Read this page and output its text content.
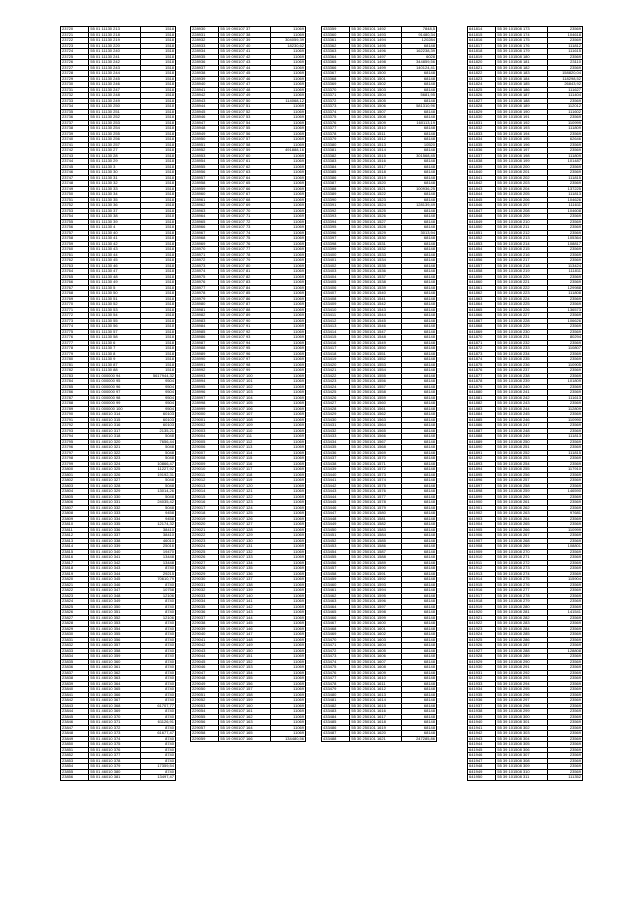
23720	55 01 11130 213	1518
23721	55 01 11130 218	1518
23722	55 01 11130 219	1518
23723	55 01 11130 220	1518
23724	55 01 11130 240	1518
23725	55 01 11130 241	1518
23726	55 01 11130 242	1518
23727	55 01 11130 243	1518
23728	55 01 11130 244	1518
23729	55 01 11130 245	1518
23730	55 01 11130 246	1518
23731	55 01 11130 247	1518
23732	55 01 11130 248	1518
23733	55 01 11130 249	1518
23734	55 01 11130 250	1518
23735	55 01 11130 251	1518
23736	55 01 11130 252	1518
23737	55 01 11130 253	1518
23738	55 01 11130 254	1518
23739	55 01 11130 255	1518
23740	55 01 11130 256	1518
23741	55 01 11130 257	1518
23742	55 01 11130 27	1518
23743	55 01 11130 28	1518
23744	55 01 11130 29	1518
23745	55 01 11130 3	1518
23746	55 01 11130 30	1518
23747	55 01 11130 31	1518
23748	55 01 11130 32	1518
23749	55 01 11130 33	1518
23750	55 01 11130 34	1518
23751	55 01 11130 35	1518
23752	55 01 11130 36	1518
23753	55 01 11130 37	1518
23754	55 01 11130 38	1518
23755	55 01 11130 39	1518
23756	55 01 11130 4	1518
23757	55 01 11130 40	1518
23758	55 01 11130 41	1518
23759	55 01 11130 42	1518
23760	55 01 11130 43	1518
23761	55 01 11130 44	1518
23762	55 01 11130 45	1518
23763	55 01 11130 46	1518
23764	55 01 11130 47	1518
23765	55 01 11130 48	1518
23766	55 01 11130 49	1518
23767	55 01 11130 5	1518
23768	55 01 11130 50	1518
23769	55 01 11130 51	1518
23770	55 01 11130 52	1518
23771	55 01 11130 53	1518
23772	55 01 11130 54	1518
23773	55 01 11130 55	1518
23774	55 01 11130 56	1518
23775	55 01 11130 57	1518
23776	55 01 11130 58	1518
23777	55 01 11130 6	1518
23778	55 01 11130 7	1518
23779	55 01 11130 8	1518
23780	55 01 11130 9	1518
23781	55 01 11130 87	1518
23782	55 01 11130 88	1518
23783	55 01 000000 94	5617944,32
23784	55 01 000000 95	9504
23785	55 01 000000 96	9504
23786	55 01 000000 97	9504
23787	55 01 000000 98	9504
23788	55 01 000000 99	9504
23789	55 01 000000 100	9504
23790	55 01 46010 314	60103
23791	55 01 46010 315	60103
23792	55 01 46010 316	60103
23793	55 01 46010 317	2135,21
23794	55 01 46010 318	5048
23795	55 01 46010 320	7656,44
23796	55 01 46010 321	5048
23797	55 01 46010 322	5048
23798	55 01 46010 323	5048
23799	55 01 46010 324	10866,47
23800	55 01 46010 325	11227,92
23801	55 01 46010 326	19192,31
23802	55 01 46010 327	5048
23803	55 01 46010 328	5048
23804	55 01 46010 329	13014,26
23805	55 01 46010 330	5048
23806	55 01 46010 331	24035,42
23807	55 01 46010 332	5048
23808	55 01 46010 333	9458
23809	55 01 46010 334	9458
23810	55 01 46010 335	12174,32
23811	55 01 46010 336	38410
23812	55 01 46010 337	38410
23813	55 01 46010 338	46010
23814	55 01 46010 339	25016
23815	55 01 46010 340	19470
23816	55 01 46010 341	13448
23817	55 01 46010 342	13448
23818	55 01 46010 343	8740
23819	55 01 46010 344	29215
23820	55 01 46010 345	70610,79
23821	55 01 46010 346	8740
23822	55 01 46010 347	10758
23823	55 01 46010 348	12106
23824	55 01 46010 349	8740
23825	55 01 46010 350	8740
23826	55 01 46010 351	8740
23827	55 01 46010 352	12106
23828	55 01 46010 353	8740
23829	55 01 46010 354	8740
23830	55 01 46010 355	8740
23831	55 01 46010 356	8740
23832	55 01 46010 357	8740
23833	55 01 46010 358	8740
23834	55 01 46010 359	8740
23835	55 01 46010 360	8740
23836	55 01 46010 361	8740
23837	55 01 46010 362	8740
23838	55 01 46010 363	8740
23839	55 01 46010 364	8740
23840	55 01 46010 365	8740
23841	55 01 46010 366	8740
23842	55 01 46010 367	8740
23843	55 01 46010 368	61707,77
23844	55 01 46010 369	8740
23845	55 01 46010 370	8740
23846	55 01 46010 371	61126,91
23847	55 01 46010 372	8740
23848	55 01 46010 373	61677,47
23849	55 01 46010 374	8740
23850	55 01 46010 375	8740
23851	55 01 46010 376	8740
23852	55 01 46010 377	8740
23853	55 01 46010 378	8740
23854	55 01 46010 379	17359,54
23855	55 01 46010 380	8740
23856	55 01 46010 381	13497,47
228930	55 19 090107 37	11069
228931	55 19 090107 38	11069
228932	55 19 090107 39	304059,39
228933	55 19 090107 40	18230,62
228934	55 19 090107 41	11069
228935	55 19 090107 42	11069
228936	55 19 090107 43	11069
228937	55 19 090107 44	11069
228938	55 19 090107 45	11069
228939	55 19 090107 46	11069
228940	55 19 090107 47	11069
228941	55 19 090107 48	11069
228942	55 19 090107 49	11069
228943	55 19 090107 50	114068,12
228944	55 19 090107 51	11069
228945	55 19 090107 52	11069
228946	55 19 090107 53	11069
228947	55 19 090107 54	11069
228948	55 19 090107 55	11069
228949	55 19 090107 56	11069
228950	55 19 090107 57	11069
228951	55 19 090107 58	11069
228952	55 19 090107 59	491888,16
228953	55 19 090107 60	11069
228954	55 19 090107 61	11069
228955	55 19 090107 62	11069
228956	55 19 090107 63	11069
228957	55 19 090107 64	11069
228958	55 19 090107 65	11069
228959	55 19 090107 66	11069
228960	55 19 090107 67	11069
228961	55 19 090107 68	11069
228962	55 19 090107 69	11069
228963	55 19 090107 70	11069
228964	55 19 090107 71	11069
228965	55 19 090107 72	11069
228966	55 19 090107 73	11069
228967	55 19 090107 74	11069
228968	55 19 090107 75	11069
228969	55 19 090107 76	11069
228970	55 19 090107 77	11069
228971	55 19 090107 78	11069
228972	55 19 090107 79	11069
228973	55 19 090107 80	11069
228974	55 19 090107 81	11069
228975	55 19 090107 82	11069
228976	55 19 090107 83	11069
228977	55 19 090107 84	11069
228978	55 19 090107 85	11069
228979	55 19 090107 86	11069
228980	55 19 090107 87	11069
228981	55 19 090107 88	11069
228982	55 19 090107 89	11069
228983	55 19 090107 90	11069
228984	55 19 090107 91	11069
228985	55 19 090107 92	11069
228986	55 19 090107 93	11069
228987	55 19 090107 94	11069
228988	55 19 090107 95	11069
228989	55 19 090107 96	11069
228990	55 19 090107 97	11069
228991	55 19 090107 98	11069
228992	55 19 090107 99	11069
228993	55 19 090107 100	11069
228994	55 19 090107 101	11069
228995	55 19 090107 102	11069
228996	55 19 090107 103	11069
228997	55 19 090107 104	11069
228998	55 19 090107 105	11069
228999	55 19 090107 106	11069
229000	55 19 090107 107	11069
229001	55 19 090107 108	11069
229002	55 19 090107 109	11069
229003	55 19 090107 110	11069
229004	55 19 090107 111	11069
229005	55 19 090107 112	11069
229006	55 19 090107 113	11069
229007	55 19 090107 114	11069
229008	55 19 090107 115	11069
229009	55 19 090107 116	11069
229010	55 19 090107 117	11069
229011	55 19 090107 118	11069
229012	55 19 090107 119	11069
229013	55 19 090107 120	11069
229014	55 19 090107 121	11069
229015	55 19 090107 122	11069
229016	55 19 090107 123	11069
229017	55 19 090107 124	11069
229018	55 19 090107 125	11069
229019	55 19 090107 126	11069
229020	55 19 090107 127	11069
229021	55 19 090107 128	11069
229022	55 19 090107 129	11069
229023	55 19 090107 130	11069
229024	55 19 090107 131	11069
229025	55 19 090107 132	11069
229026	55 19 090107 133	11069
229027	55 19 090107 134	11069
229028	55 19 090107 135	11069
229029	55 19 090107 136	11069
229030	55 19 090107 137	11069
229031	55 19 090107 138	11069
229032	55 19 090107 139	11069
229033	55 19 090107 140	11069
229034	55 19 090107 141	11069
229035	55 19 090107 142	11069
229036	55 19 090107 143	11069
229037	55 19 090107 144	11069
229038	55 19 090107 145	11069
229039	55 19 090107 146	11069
229040	55 19 090107 147	11069
229041	55 19 090107 148	11069
229042	55 19 090107 149	11069
229043	55 19 090107 150	11069
229044	55 19 090107 151	11069
229045	55 19 090107 152	11069
229046	55 19 090107 153	11069
229047	55 19 090107 154	11069
229048	55 19 090107 155	11069
229049	55 19 090107 156	11069
229050	55 19 090107 157	11069
229051	55 19 090107 158	11069
229052	55 19 090107 159	11069
229053	55 19 090107 160	11069
229054	55 19 090107 161	11069
229055	55 19 090107 162	11069
229056	55 19 090107 163	11069
229057	55 19 090107 164	11069
229058	55 19 090107 165	11069
229059	55 19 090107 166	134480,56
433359	55 30 250101 1492	7848,5
433360	55 30 250101 1493	91480,34
433361	55 30 250101 1494	120284
433362	55 30 250101 1495	68148
433363	55 30 250101 1496	162238,39
433364	55 30 250101 1497	6028
433365	55 30 250101 1498	344859,56
433366	55 30 250101 1499	140124,41
433367	55 30 250101 1500	68148
433368	55 30 250101 1501	68148
433369	55 30 250101 1502	68148
433370	55 30 250101 1503	68148
433371	55 30 250101 1504	5681,95
433372	55 30 250101 1505	68148
433373	55 30 250101 1506	581310,96
433374	55 30 250101 1507	68148
433375	55 30 250101 1508	68148
433376	55 30 250101 1509	160113,19
433377	55 30 250101 1510	68148
433378	55 30 250101 1511	68148
433379	55 30 250101 1512	68148
433380	55 30 250101 1513	10520
433381	55 30 250101 1514	68148
433382	55 30 250101 1515	301568,45
433383	55 30 250101 1516	68148
433384	55 30 250101 1517	68148
433385	55 30 250101 1518	68148
433386	55 30 250101 1519	68148
433387	55 30 250101 1520	68148
433388	55 30 250101 1521	100936,25
433389	55 30 250101 1522	68148
433390	55 30 250101 1523	68148
433391	55 30 250101 1524	128139,49
433392	55 30 250101 1525	68148
433393	55 30 250101 1526	68148
433394	55 30 250101 1527	68148
433395	55 30 250101 1528	68148
433396	55 30 250101 1529	3013,94
433397	55 30 250101 1530	68148
433398	55 30 250101 1531	68148
433399	55 30 250101 1532	68148
433400	55 30 250101 1533	68148
433401	55 30 250101 1534	68148
433402	55 30 250101 1535	68148
433403	55 30 250101 1536	68148
433404	55 30 250101 1537	68148
433405	55 30 250101 1538	68148
433406	55 30 250101 1539	68148
433407	55 30 250101 1540	68148
433408	55 30 250101 1541	68148
433409	55 30 250101 1542	68148
433410	55 30 250101 1543	68148
433411	55 30 250101 1544	68148
433412	55 30 250101 1545	68148
433413	55 30 250101 1546	68148
433414	55 30 250101 1547	68148
433415	55 30 250101 1548	68148
433416	55 30 250101 1549	68148
433417	55 30 250101 1550	68148
433418	55 30 250101 1551	68148
433419	55 30 250101 1552	68148
433420	55 30 250101 1553	68148
433421	55 30 250101 1554	68148
433422	55 30 250101 1555	68148
433423	55 30 250101 1556	68148
433424	55 30 250101 1557	68148
433425	55 30 250101 1558	68148
433426	55 30 250101 1559	68148
433427	55 30 250101 1560	68148
433428	55 30 250101 1561	68148
433429	55 30 250101 1562	68148
433430	55 30 250101 1563	68148
433431	55 30 250101 1564	68148
433432	55 30 250101 1565	68148
433433	55 30 250101 1566	68148
433434	55 30 250101 1567	68148
433435	55 30 250101 1568	68148
433436	55 30 250101 1569	68148
433437	55 30 250101 1570	68148
433438	55 30 250101 1571	68148
433439	55 30 250101 1572	68148
433440	55 30 250101 1573	68148
433441	55 30 250101 1574	68148
433442	55 30 250101 1575	68148
433443	55 30 250101 1576	68148
433444	55 30 250101 1577	68148
433445	55 30 250101 1578	68148
433446	55 30 250101 1579	68148
433447	55 30 250101 1580	68148
433448	55 30 250101 1581	68148
433449	55 30 250101 1582	68148
433450	55 30 250101 1583	68148
433451	55 30 250101 1584	68148
433452	55 30 250101 1585	68148
433453	55 30 250101 1586	68148
433454	55 30 250101 1587	68148
433455	55 30 250101 1588	68148
433456	55 30 250101 1589	68148
433457	55 30 250101 1590	68148
433458	55 30 250101 1591	68148
433459	55 30 250101 1592	68148
433460	55 30 250101 1593	68148
433461	55 30 250101 1594	68148
433462	55 30 250101 1595	68148
433463	55 30 250101 1596	68148
433464	55 30 250101 1597	68148
433465	55 30 250101 1598	68148
433466	55 30 250101 1599	68148
433467	55 30 250101 1600	68148
433468	55 30 250101 1601	68148
433469	55 30 250101 1602	68148
433470	55 30 250101 1603	68148
433471	55 30 250101 1604	68148
433472	55 30 250101 1605	68148
433473	55 30 250101 1606	68148
433474	55 30 250101 1607	68148
433475	55 30 250101 1608	68148
433476	55 30 250101 1609	68148
433477	55 30 250101 1610	68148
433478	55 30 250101 1611	68148
433479	55 30 250101 1612	68148
433480	55 30 250101 1613	68148
433481	55 30 250101 1614	68148
433482	55 30 250101 1615	68148
433483	55 30 250101 1616	68148
433484	55 30 250101 1617	68148
433485	55 30 250101 1618	68148
433486	55 30 250101 1619	68148
433487	55 30 250101 1620	68148
433488	55 30 250101 1621	247285,86
641814	55 39 101508 173	23569
641815	55 39 101508 174	104618
641816	55 39 101508 175	23569
641817	55 39 101508 176	111812
641818	55 39 101508 179	111615
641819	55 39 101508 180	23569
641820	55 39 101508 181	23110
641821	55 39 101508 182	23569
641822	55 39 101508 183	158820,04
641823	55 39 101508 184	118298,52
641824	55 39 101508 185	26843,92
641825	55 39 101508 186	111627
641826	55 39 101508 187	111404
641827	55 39 101508 188	23569
641828	55 39 101508 189	112012
641829	55 39 101508 190	111602
641830	55 39 101508 191	23569
641831	55 39 101508 192	110999
641832	55 39 101508 193	111809
641833	55 39 101508 194	23569
641834	55 39 101508 195	62646
641835	55 39 101508 196	23569
641836	55 39 101508 197	23569
641837	55 39 101508 198	111809
641838	55 39 101508 199	101487
641839	55 39 101508 200	23569
641840	55 39 101508 201	23569
641841	55 39 101508 202	111815
641842	55 39 101508 203	23569
641843	55 39 101508 204	137225
641844	55 39 101508 205	111813
641845	55 39 101508 206	104626
641846	55 39 101508 207	111611
641847	55 39 101508 208	104608
641848	55 39 101508 209	23569
641849	55 39 101508 210	23569
641850	55 39 101508 211	23569
641851	55 39 101508 212	23569
641852	55 39 101508 213	105364
641853	55 39 101508 214	108817
641854	55 39 101508 215	23569
641855	55 39 101508 216	23569
641856	55 39 101508 217	23569
641857	55 39 101508 218	113424
641858	55 39 101508 219	111811
641859	55 39 101508 220	23569
641860	55 39 101508 221	23569
641861	55 39 101508 222	129988
641862	55 39 101508 223	111808
641863	55 39 101508 224	23569
641864	55 39 101508 225	23569
641865	55 39 101508 226	136573
641866	55 39 101508 227	23569
641867	55 39 101508 228	106626
641868	55 39 101508 229	23569
641869	55 39 101508 230	23569
641870	55 39 101508 231	80294
641871	55 39 101508 232	23569
641872	55 39 101508 233	110807
641873	55 39 101508 234	23569
641874	55 39 101508 235	23569
641875	55 39 101508 236	110905
641876	55 39 101508 237	23569
641877	55 39 101508 238	23569
641878	55 39 101508 239	101809
641879	55 39 101508 240	23569
641880	55 39 101508 241	23569
641881	55 39 101508 242	111613
641882	55 39 101508 243	23569
641883	55 39 101508 244	112809
641884	55 39 101508 245	23569
641885	55 39 101508 246	110990
641886	55 39 101508 247	23569
641887	55 39 101508 248	23569
641888	55 39 101508 249	111813
641889	55 39 101508 250	23569
641890	55 39 101508 251	23569
641891	55 39 101508 252	111815
641892	55 39 101508 253	23569
641893	55 39 101508 254	23569
641894	55 39 101508 255	117910
641895	55 39 101508 256	23569
641896	55 39 101508 257	23569
641897	55 39 101508 258	23569
641898	55 39 101508 259	146590
641899	55 39 101508 260	23569
641900	55 39 101508 261	23569
641901	55 39 101508 262	23569
641902	55 39 101508 263	97681
641903	55 39 101508 264	23569
641904	55 39 101508 265	23569
641905	55 39 101508 266	110999
641906	55 39 101508 267	23569
641907	55 39 101508 268	23569
641908	55 39 101508 269	108801
641909	55 39 101508 270	23569
641910	55 39 101508 271	23569
641911	55 39 101508 272	23569
641912	55 39 101508 273	23569
641913	55 39 101508 274	23569
641914	55 39 101508 275	115904
641915	55 39 101508 276	23569
641916	55 39 101508 277	23569
641917	55 39 101508 278	23569
641918	55 39 101508 279	23569
641919	55 39 101508 280	23569
641920	55 39 101508 281	141541
641921	55 39 101508 282	23569
641922	55 39 101508 283	23569
641923	55 39 101508 284	23569
641924	55 39 101508 285	23569
641925	55 39 101508 286	23569
641926	55 39 101508 287	23569
641927	55 39 101508 288	128808
641928	55 39 101508 289	23569
641929	55 39 101508 290	23569
641930	55 39 101508 291	23569
641931	55 39 101508 292	23569
641932	55 39 101508 293	23569
641933	55 39 101508 294	23569
641934	55 39 101508 295	23569
641935	55 39 101508 296	23569
641936	55 39 101508 297	23569
641937	55 39 101508 298	23569
641938	55 39 101508 299	23569
641939	55 39 101508 300	23569
641940	55 39 101508 301	23569
641941	55 39 101508 302	23569
641942	55 39 101508 303	23569
641943	55 39 101508 304	23569
641944	55 39 101508 305	23569
641945	55 39 101508 306	23569
641946	55 39 101508 307	23569
641947	55 39 101508 308	23569
641948	55 39 101508 309	23569
641949	55 39 101508 310	23569
641950	55 39 101508 311	111352
